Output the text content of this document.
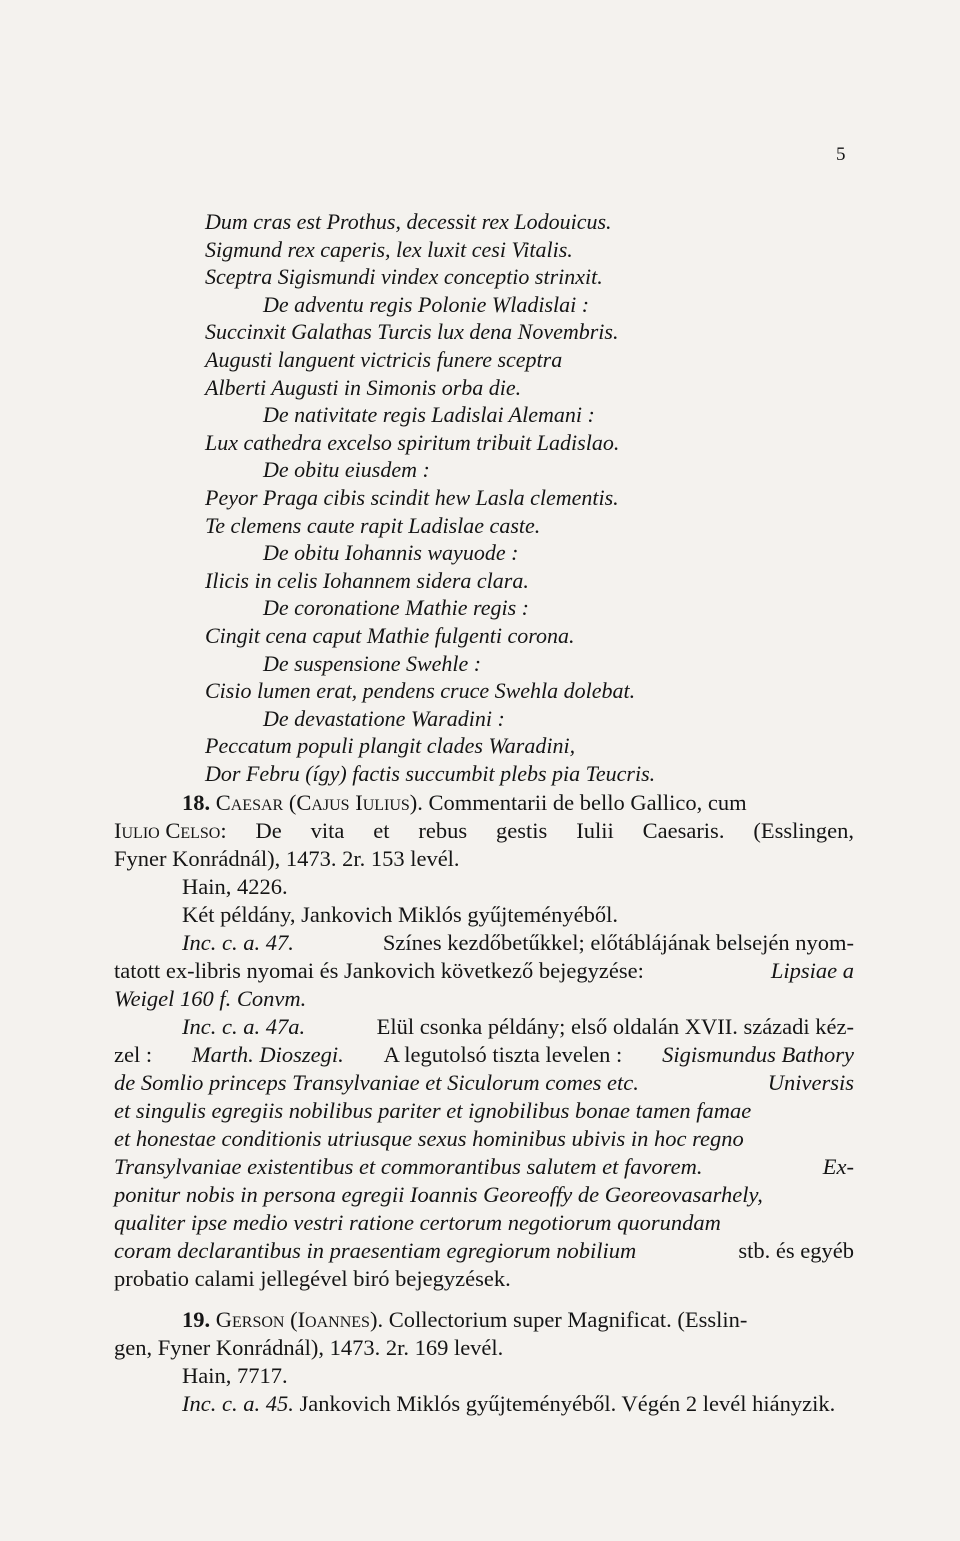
5
Dum cras est Prothus, decessit rex Lodouicus.
Sigmund rex caperis, lex luxit cesi Vitalis.
Sceptra Sigismundi vindex conceptio strinxit.
De adventu regis Polonie Wladislai :
Succinxit Galathas Turcis lux dena Novembris.
Augusti languent victricis funere sceptra
Alberti Augusti in Simonis orba die.
De nativitate regis Ladislai Alemani :
Lux cathedra excelso spiritum tribuit Ladislao.
De obitu eiusdem :
Peyor Praga cibis scindit hew Lasla clementis.
Te clemens caute rapit Ladislae caste.
De obitu Iohannis wayuode :
Ilicis in celis Iohannem sidera clara.
De coronatione Mathie regis :
Cingit cena caput Mathie fulgenti corona.
De suspensione Swehle :
Cisio lumen erat, pendens cruce Swehla dolebat.
De devastatione Waradini :
Peccatum populi plangit clades Waradini,
Dor Febru (így) factis succumbit plebs pia Teucris.
18. Caesar (Cajus Iulius). Commentarii de bello Gallico, cum
Iulio Celso: De vita et rebus gestis Iulii Caesaris. (Esslingen,
Fyner Konrádnál), 1473. 2r. 153 levél.
Hain, 4226.
Két példány, Jankovich Miklós gyűjteményéből.
Inc. c. a. 47.	Színes kezdőbetűkkel; előtáblájának belsején nyom-
tatott ex-libris nyomai és Jankovich következő bejegyzése:	Lipsiae a
Weigel 160 f. Convm.
Inc. c. a. 47a.	Elül csonka példány; első oldalán XVII. századi kéz-
zel : Marth. Dioszegi. A legutolsó tiszta levelen : Sigismundus Bathory
de Somlio princeps Transylvaniae et Siculorum comes etc.	Universis
et singulis egregiis nobilibus pariter et ignobilibus bonae tamen famae
et honestae conditionis utriusque sexus hominibus ubivis in hoc regno
Transylvaniae existentibus et commorantibus salutem et favorem.	Ex-
ponitur nobis in persona egregii Ioannis Georeoffy de Georeovasarhely,
qualiter ipse medio vestri ratione certorum negotiorum quorundam
coram declarantibus in praesentiam egregiorum nobilium	stb. és egyéb
probatio calami jellegével biró bejegyzések.
19. Gerson (Ioannes). Collectorium super Magnificat. (Esslin-
gen, Fyner Konrádnál), 1473. 2r. 169 levél.
Hain, 7717.
Inc. c. a. 45. Jankovich Miklós gyűjteményéből. Végén 2 levél hiányzik.
